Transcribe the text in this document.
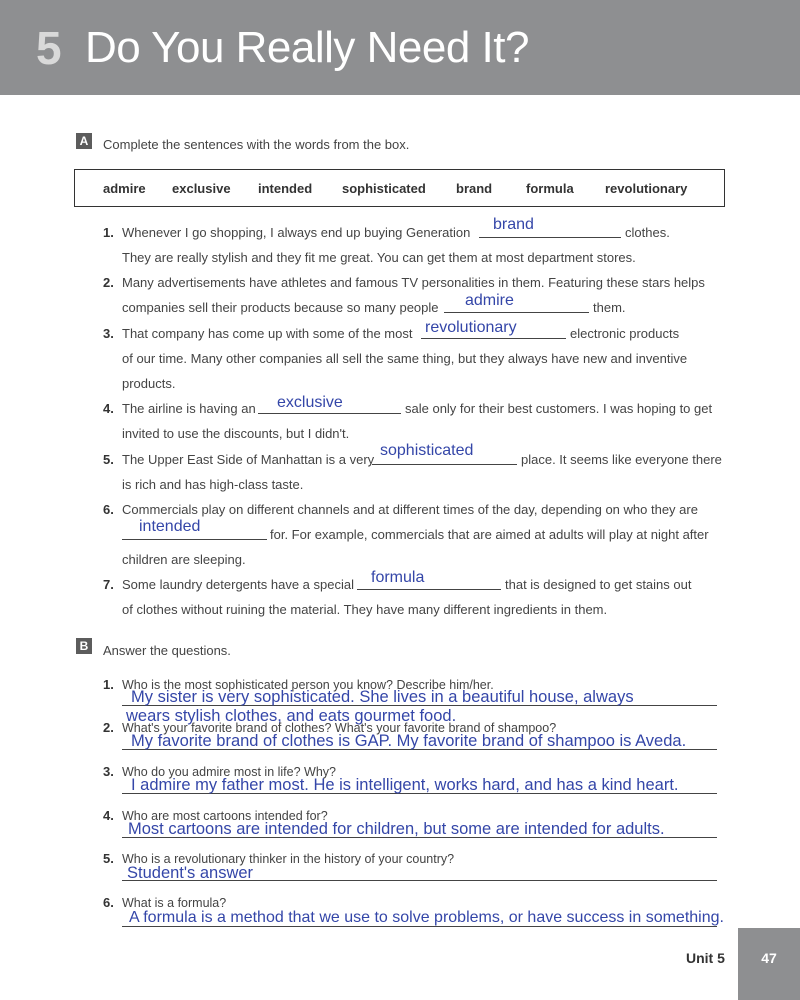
5 Do You Really Need It?
A Complete the sentences with the words from the box.
admire exclusive intended sophisticated brand	formula revolutionary
1. Whenever I go shopping, I always end up buying Generation brand	clothes.
They are really stylish and they fit me great. You can get them at most department stores.
2. Many advertisements have athletes and famous TV personalities in them. Featuring these stars helps
companies sell their products because so many people admire	them.
3. That company has come up with some of the most revolutionary	electronic products
of our time. Many other companies all sell the same thing, but they always have new and inventive
products.
4. The airline is having an exclusive	sale only for their best customers. I was hoping to get
invited to use the discounts, but I didn't.
5. The Upper East Side of Manhattan is a very
sophisticated
place. It seems like everyone there
is rich and has high-class taste.
6. Commercials play on different channels and at different times of the day, depending on who they are
intended	for. For example, commercials that are aimed at adults will play at night after
children are sleeping.
7. Some laundry detergents have a special formula	that is designed to get stains out
of clothes without ruining the material. They have many different ingredients in them.
B Answer the questions.
1. Who is the most sophisticated person you know? Describe him/her.
My sister is very sophisticated. She lives in a beautiful house, always
wears stylish clothes, and eats gourmet food.
2. What's your favorite brand of clothes? What's your favorite brand of shampoo?
My favorite brand of clothes is GAP. My favorite brand of shampoo is Aveda.
3. Who do you admire most in life? Why?
I admire my father most. He is intelligent, works hard, and has a kind heart.
4. Who are most cartoons intended for?
Most cartoons are intended for children, but some are intended for adults.
5. Who is a revolutionary thinker in the history of your country?
Student's answer
6. What is a formula?
A formula is a method that we use to solve problems, or have success in something.
Unit 5	47
